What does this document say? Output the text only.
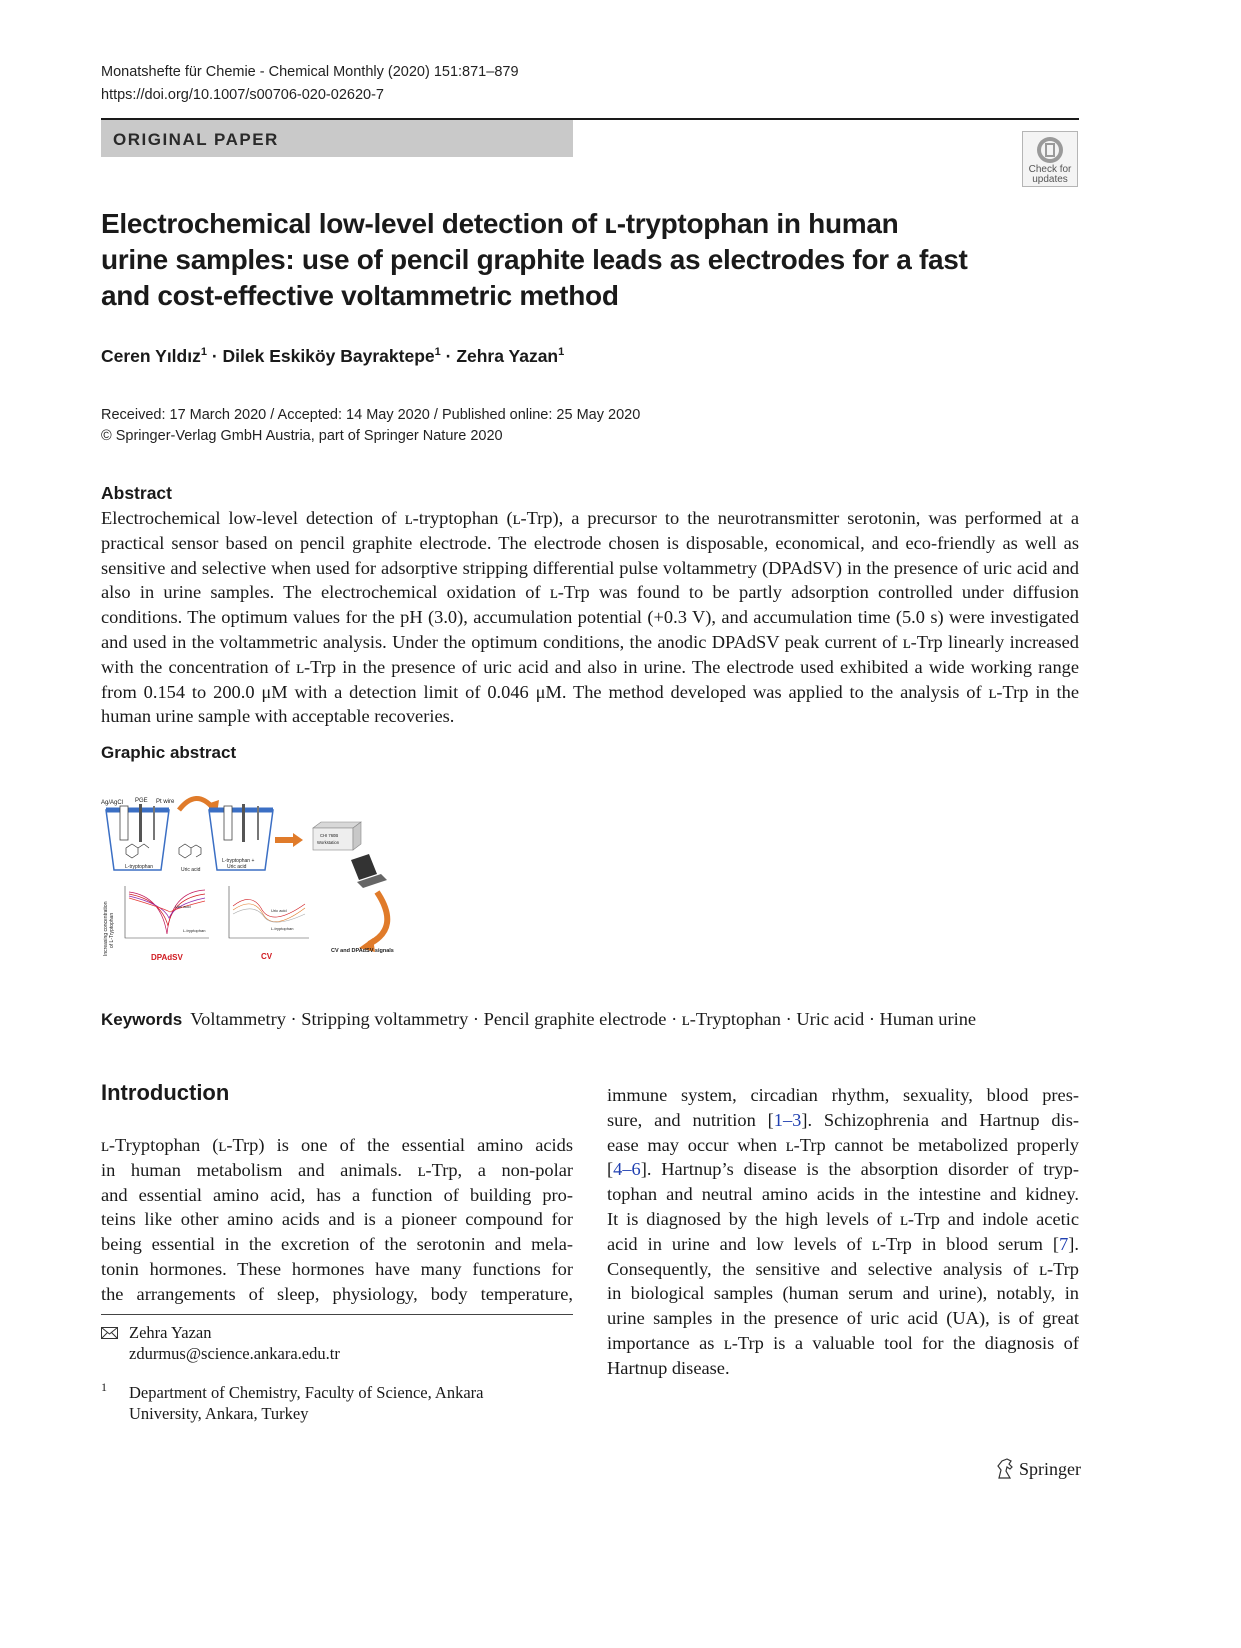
Monatshefte für Chemie - Chemical Monthly (2020) 151:871–879
https://doi.org/10.1007/s00706-020-02620-7
ORIGINAL PAPER
Check for updates
Electrochemical low-level detection of ʟ-tryptophan in human
urine samples: use of pencil graphite leads as electrodes for a fast
and cost-effective voltammetric method
Ceren Yıldız$^1$ · Dilek Eskiköy Bayraktepe$^1$ · Zehra Yazan$^1$
Received: 17 March 2020 / Accepted: 14 May 2020 / Published online: 25 May 2020
© Springer-Verlag GmbH Austria, part of Springer Nature 2020
Abstract
Electrochemical low-level detection of ʟ-tryptophan (ʟ-Trp), a precursor to the neurotransmitter serotonin, was performed at a practical sensor based on pencil graphite electrode. The electrode chosen is disposable, economical, and eco-friendly as well as sensitive and selective when used for adsorptive stripping differential pulse voltammetry (DPAdSV) in the presence of uric acid and also in urine samples. The electrochemical oxidation of ʟ-Trp was found to be partly adsorption controlled under diffusion conditions. The optimum values for the pH (3.0), accumulation potential (+0.3 V), and accumulation time (5.0 s) were investigated and used in the voltammetric analysis. Under the optimum conditions, the anodic DPAdSV peak current of ʟ-Trp linearly increased with the concentration of ʟ-Trp in the presence of uric acid and also in urine. The electrode used exhibited a wide working range from 0.154 to 200.0 μM with a detection limit of 0.046 μM. The method developed was applied to the analysis of ʟ-Trp in the human urine sample with acceptable recoveries.
Graphic abstract
Ag/AgCl PGE Pt wire
L-tryptophan	Uric acid
L-tryptophan +
Uric acid
CHI 760B
Workstation
Increasing concentration of L-Tryptophan
Uric acid
L-tryptophan
DPAdSV
Uric acid
L-tryptophan
CV
CV and DPAdSV signals
Keywords Voltammetry · Stripping voltammetry · Pencil graphite electrode · ʟ-Tryptophan · Uric acid · Human urine
Introduction
ʟ-Tryptophan (ʟ-Trp) is one of the essential amino acids
in human metabolism and animals. ʟ-Trp, a non-polar
and essential amino acid, has a function of building pro-
teins like other amino acids and is a pioneer compound for
being essential in the excretion of the serotonin and mela-
tonin hormones. These hormones have many functions for
the arrangements of sleep, physiology, body temperature,
immune system, circadian rhythm, sexuality, blood pres-
sure, and nutrition [1–3]. Schizophrenia and Hartnup dis-
ease may occur when ʟ-Trp cannot be metabolized properly
[4–6]. Hartnup’s disease is the absorption disorder of tryp-
tophan and neutral amino acids in the intestine and kidney.
It is diagnosed by the high levels of ʟ-Trp and indole acetic
acid in urine and low levels of ʟ-Trp in blood serum [7].
Consequently, the sensitive and selective analysis of ʟ-Trp
in biological samples (human serum and urine), notably, in
urine samples in the presence of uric acid (UA), is of great
importance as ʟ-Trp is a valuable tool for the diagnosis of
Hartnup disease.
Zehra Yazan
zdurmus@science.ankara.edu.tr
1 Department of Chemistry, Faculty of Science, Ankara
University, Ankara, Turkey
Springer
